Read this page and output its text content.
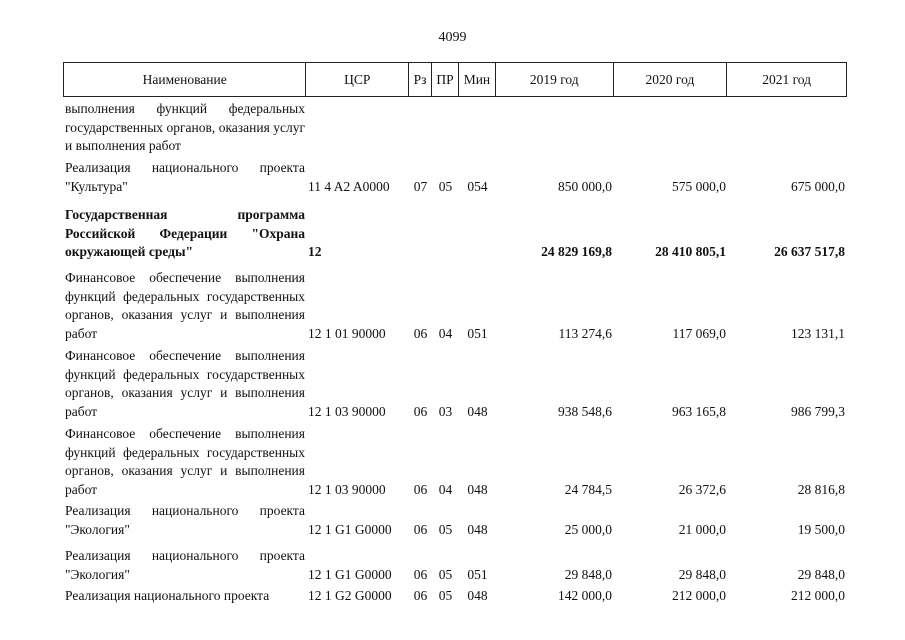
4099
Наименование	ЦСР	Рз ПР Мин	2019 год	2020 год	2021 год
выполнения функций федеральных государственных органов, оказания услуг и выполнения работ
Реализация национального проекта "Культура"	11 4 A2 A0000	07 05	054	850 000,0	575 000,0	675 000,0
Государственная программа Российской Федерации "Охрана окружающей среды"	12	24 829 169,8	28 410 805,1	26 637 517,8
Финансовое обеспечение выполнения функций федеральных государственных органов, оказания услуг и выполнения работ	12 1 01 90000	06 04	051	113 274,6	117 069,0	123 131,1
Финансовое обеспечение выполнения функций федеральных государственных органов, оказания услуг и выполнения работ	12 1 03 90000	06 03	048	938 548,6	963 165,8	986 799,3
Финансовое обеспечение выполнения функций федеральных государственных органов, оказания услуг и выполнения работ	12 1 03 90000	06 04	048	24 784,5	26 372,6	28 816,8
Реализация национального проекта "Экология"	12 1 G1 G0000	06 05	048	25 000,0	21 000,0	19 500,0
Реализация национального проекта "Экология"	12 1 G1 G0000	06 05	051	29 848,0	29 848,0	29 848,0
Реализация национального проекта	12 1 G2 G0000	06 05	048	142 000,0	212 000,0	212 000,0
